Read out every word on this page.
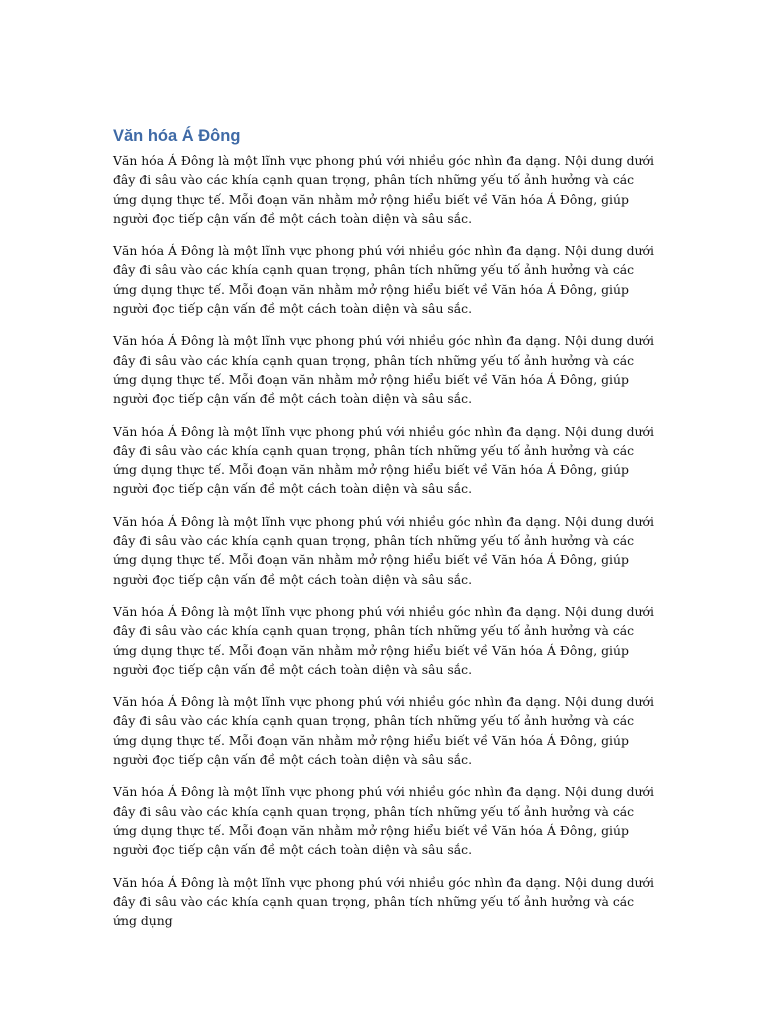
Văn hóa Á Đông

Văn hóa Á Đông là một lĩnh vực phong phú với nhiều góc nhìn đa dạng. Nội dung dưới đây đi sâu vào các khía cạnh quan trọng, phân tích những yếu tố ảnh hưởng và các ứng dụng thực tế. Mỗi đoạn văn nhằm mở rộng hiểu biết về Văn hóa Á Đông, giúp người đọc tiếp cận vấn đề một cách toàn diện và sâu sắc.

Văn hóa Á Đông là một lĩnh vực phong phú với nhiều góc nhìn đa dạng. Nội dung dưới đây đi sâu vào các khía cạnh quan trọng, phân tích những yếu tố ảnh hưởng và các ứng dụng thực tế. Mỗi đoạn văn nhằm mở rộng hiểu biết về Văn hóa Á Đông, giúp người đọc tiếp cận vấn đề một cách toàn diện và sâu sắc.

Văn hóa Á Đông là một lĩnh vực phong phú với nhiều góc nhìn đa dạng. Nội dung dưới đây đi sâu vào các khía cạnh quan trọng, phân tích những yếu tố ảnh hưởng và các ứng dụng thực tế. Mỗi đoạn văn nhằm mở rộng hiểu biết về Văn hóa Á Đông, giúp người đọc tiếp cận vấn đề một cách toàn diện và sâu sắc.

Văn hóa Á Đông là một lĩnh vực phong phú với nhiều góc nhìn đa dạng. Nội dung dưới đây đi sâu vào các khía cạnh quan trọng, phân tích những yếu tố ảnh hưởng và các ứng dụng thực tế. Mỗi đoạn văn nhằm mở rộng hiểu biết về Văn hóa Á Đông, giúp người đọc tiếp cận vấn đề một cách toàn diện và sâu sắc.

Văn hóa Á Đông là một lĩnh vực phong phú với nhiều góc nhìn đa dạng. Nội dung dưới đây đi sâu vào các khía cạnh quan trọng, phân tích những yếu tố ảnh hưởng và các ứng dụng thực tế. Mỗi đoạn văn nhằm mở rộng hiểu biết về Văn hóa Á Đông, giúp người đọc tiếp cận vấn đề một cách toàn diện và sâu sắc.

Văn hóa Á Đông là một lĩnh vực phong phú với nhiều góc nhìn đa dạng. Nội dung dưới đây đi sâu vào các khía cạnh quan trọng, phân tích những yếu tố ảnh hưởng và các ứng dụng thực tế. Mỗi đoạn văn nhằm mở rộng hiểu biết về Văn hóa Á Đông, giúp người đọc tiếp cận vấn đề một cách toàn diện và sâu sắc.

Văn hóa Á Đông là một lĩnh vực phong phú với nhiều góc nhìn đa dạng. Nội dung dưới đây đi sâu vào các khía cạnh quan trọng, phân tích những yếu tố ảnh hưởng và các ứng dụng thực tế. Mỗi đoạn văn nhằm mở rộng hiểu biết về Văn hóa Á Đông, giúp người đọc tiếp cận vấn đề một cách toàn diện và sâu sắc.

Văn hóa Á Đông là một lĩnh vực phong phú với nhiều góc nhìn đa dạng. Nội dung dưới đây đi sâu vào các khía cạnh quan trọng, phân tích những yếu tố ảnh hưởng và các ứng dụng thực tế. Mỗi đoạn văn nhằm mở rộng hiểu biết về Văn hóa Á Đông, giúp người đọc tiếp cận vấn đề một cách toàn diện và sâu sắc.

Văn hóa Á Đông là một lĩnh vực phong phú với nhiều góc nhìn đa dạng. Nội dung dưới đây đi sâu vào các khía cạnh quan trọng, phân tích những yếu tố ảnh hưởng và các ứng dụng
